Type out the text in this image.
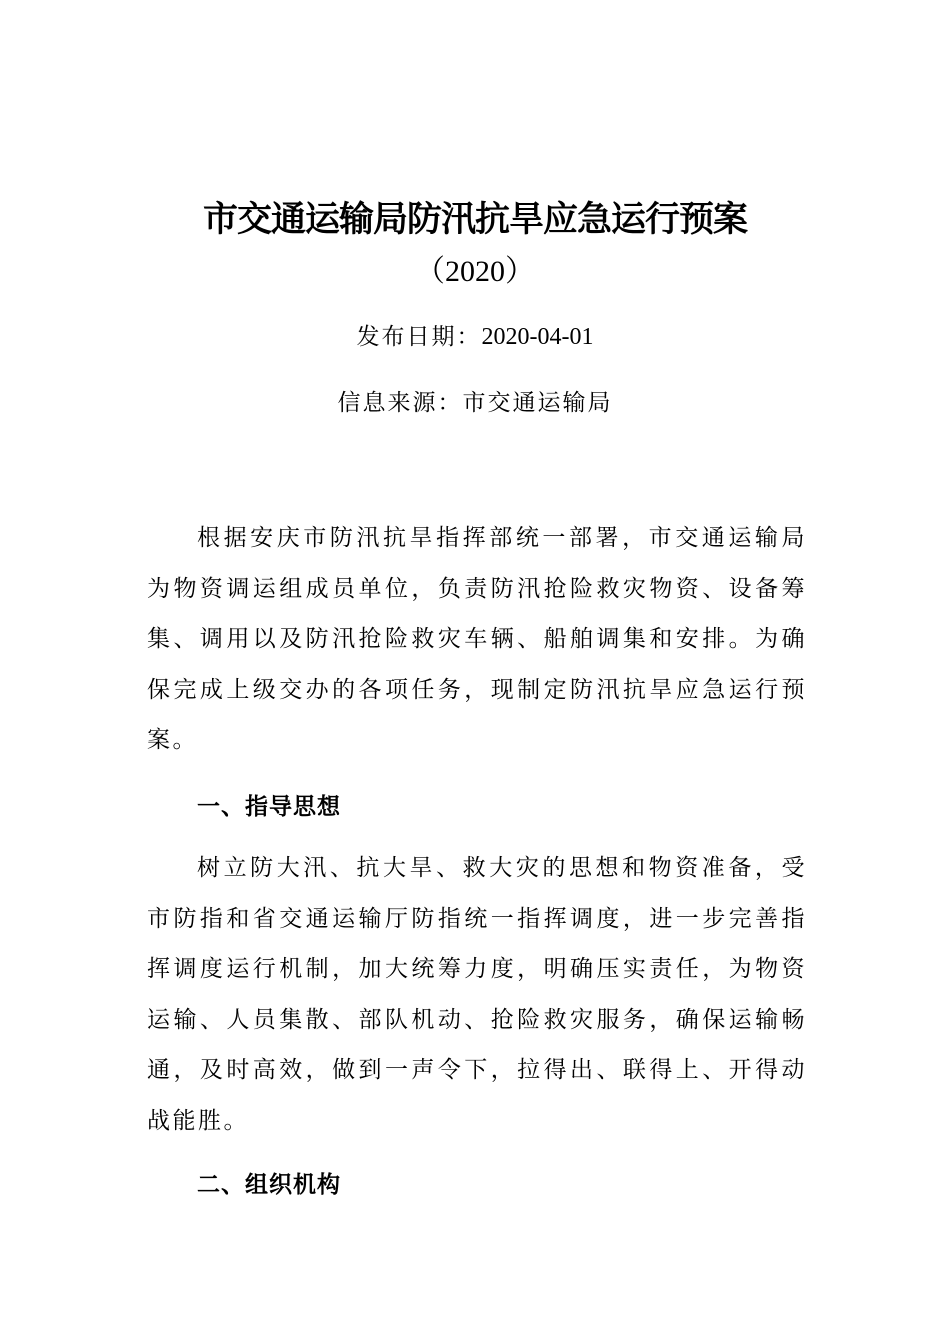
市交通运输局防汛抗旱应急运行预案
（2020）
发布日期：2020-04-01
信息来源：市交通运输局
根据安庆市防汛抗旱指挥部统一部署，市交通运输局为物资调运组成员单位，负责防汛抢险救灾物资、设备筹集、调用以及防汛抢险救灾车辆、船舶调集和安排。为确保完成上级交办的各项任务，现制定防汛抗旱应急运行预案。
一、指导思想
树立防大汛、抗大旱、救大灾的思想和物资准备，受市防指和省交通运输厅防指统一指挥调度，进一步完善指挥调度运行机制，加大统筹力度，明确压实责任，为物资运输、人员集散、部队机动、抢险救灾服务，确保运输畅通，及时高效，做到一声令下，拉得出、联得上、开得动战能胜。
二、组织机构
